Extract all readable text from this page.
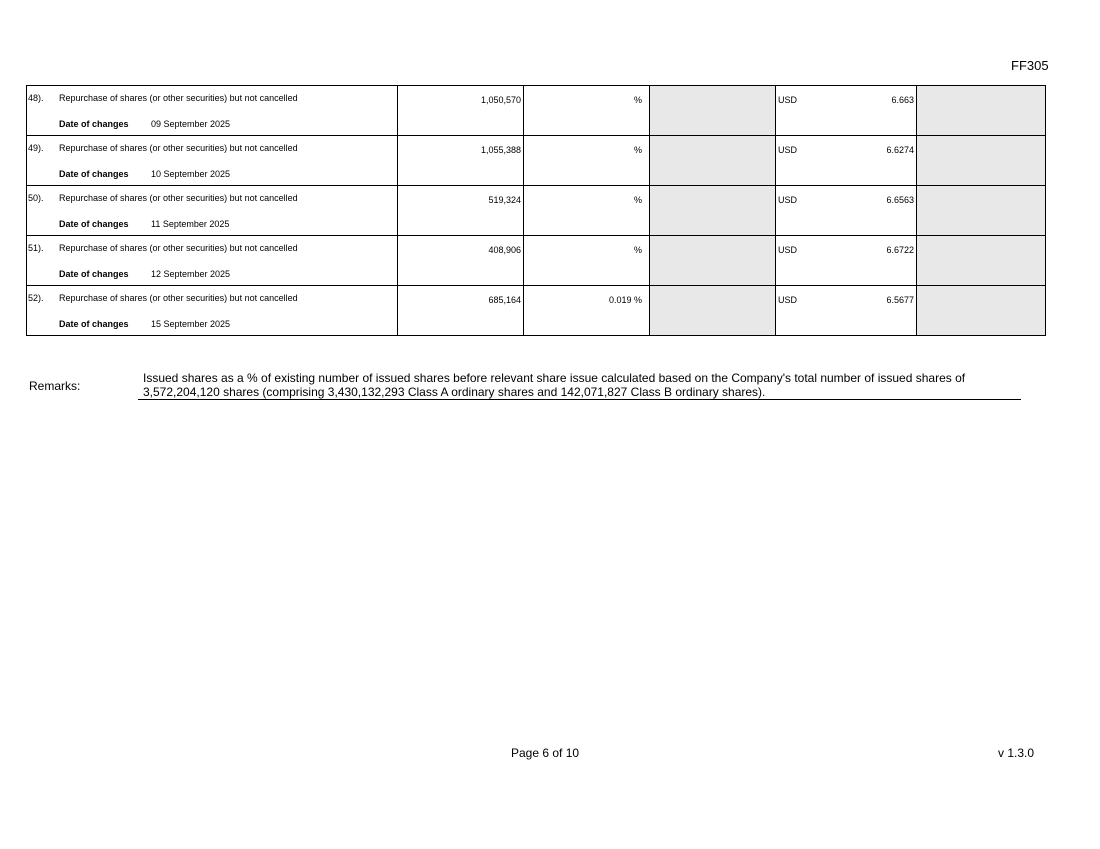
FF305
48). Repurchase of shares (or other securities) but not cancelled
Date of changes 09 September 2025	1,050,570	%		USD 6.663	

49). Repurchase of shares (or other securities) but not cancelled
Date of changes 10 September 2025	1,055,388	%		USD 6.6274	

50). Repurchase of shares (or other securities) but not cancelled
Date of changes 11 September 2025	519,324	%		USD 6.6563	

51). Repurchase of shares (or other securities) but not cancelled
Date of changes 12 September 2025	408,906	%		USD 6.6722	

52). Repurchase of shares (or other securities) but not cancelled
Date of changes 15 September 2025	685,164	0.019 %		USD 6.5677	

Remarks:
Issued shares as a % of existing number of issued shares before relevant share issue calculated based on the Company's total number of issued shares of 3,572,204,120 shares (comprising 3,430,132,293 Class A ordinary shares and 142,071,827 Class B ordinary shares).
Page 6 of 10	v 1.3.0
